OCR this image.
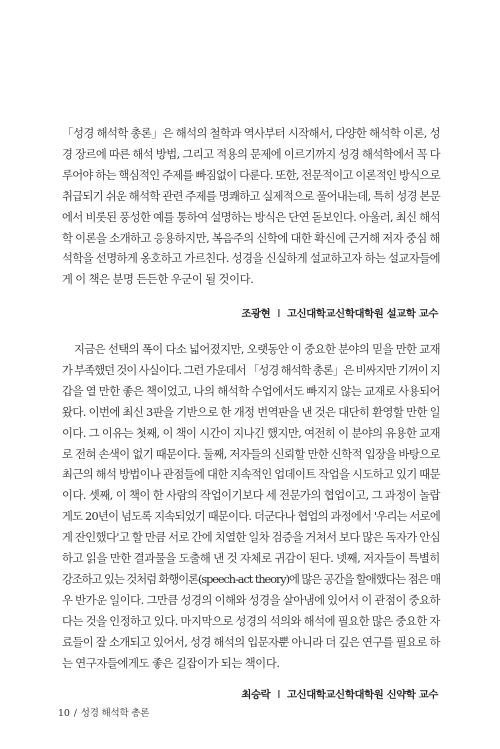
「성경 해석학 총론」은 해석의 철학과 역사부터 시작해서, 다양한 해석학 이론, 성
경 장르에 따른 해석 방법, 그리고 적용의 문제에 이르기까지 성경 해석학에서 꼭 다
루어야 하는 핵심적인 주제를 빠짐없이 다룬다. 또한, 전문적이고 이론적인 방식으로
취급되기 쉬운 해석학 관련 주제를 명쾌하고 실제적으로 풀어내는데, 특히 성경 본문
에서 비롯된 풍성한 예를 통하여 설명하는 방식은 단연 돋보인다. 아울러, 최신 해석
학 이론을 소개하고 응용하지만, 복음주의 신학에 대한 확신에 근거해 저자 중심 해
석학을 선명하게 옹호하고 가르친다. 성경을 신실하게 설교하고자 하는 설교자들에
게 이 책은 분명 든든한 우군이 될 것이다.
조광현 I 고신대학교신학대학원 설교학 교수
지금은 선택의 폭이 다소 넓어졌지만, 오랫동안 이 중요한 분야의 믿을 만한 교재
가 부족했던 것이 사실이다. 그런 가운데서 「성경 해석학 총론」은 비싸지만 기꺼이 지
갑을 열 만한 좋은 책이었고, 나의 해석학 수업에서도 빠지지 않는 교재로 사용되어
왔다. 이번에 최신 3판을 기반으로 한 개정 번역판을 낸 것은 대단히 환영할 만한 일
이다. 그 이유는 첫째, 이 책이 시간이 지나긴 했지만, 여전히 이 분야의 유용한 교재
로 전혀 손색이 없기 때문이다. 둘째, 저자들의 신뢰할 만한 신학적 입장을 바탕으로
최근의 해석 방법이나 관점들에 대한 지속적인 업데이트 작업을 시도하고 있기 때문
이다. 셋째, 이 책이 한 사람의 작업이기보다 세 전문가의 협업이고, 그 과정이 놀랍
게도 20년이 넘도록 지속되었기 때문이다. 더군다나 협업의 과정에서 '우리는 서로에
게 잔인했다'고 할 만큼 서로 간에 치열한 일차 검증을 거쳐서 보다 많은 독자가 안심
하고 읽을 만한 결과물을 도출해 낸 것 자체로 귀감이 된다. 넷째, 저자들이 특별히
강조하고 있는 것처럼 화행이론(speech-act theory)에 많은 공간을 할애했다는 점은 매
우 반가운 일이다. 그만큼 성경의 이해와 성경을 살아냄에 있어서 이 관점이 중요하
다는 것을 인정하고 있다. 마지막으로 성경의 석의와 해석에 필요한 많은 중요한 자
료들이 잘 소개되고 있어서, 성경 해석의 입문자뿐 아니라 더 깊은 연구를 필요로 하
는 연구자들에게도 좋은 길잡이가 되는 책이다.
최승락 I 고신대학교신학대학원 신약학 교수
10 / 성경 해석학 총론
